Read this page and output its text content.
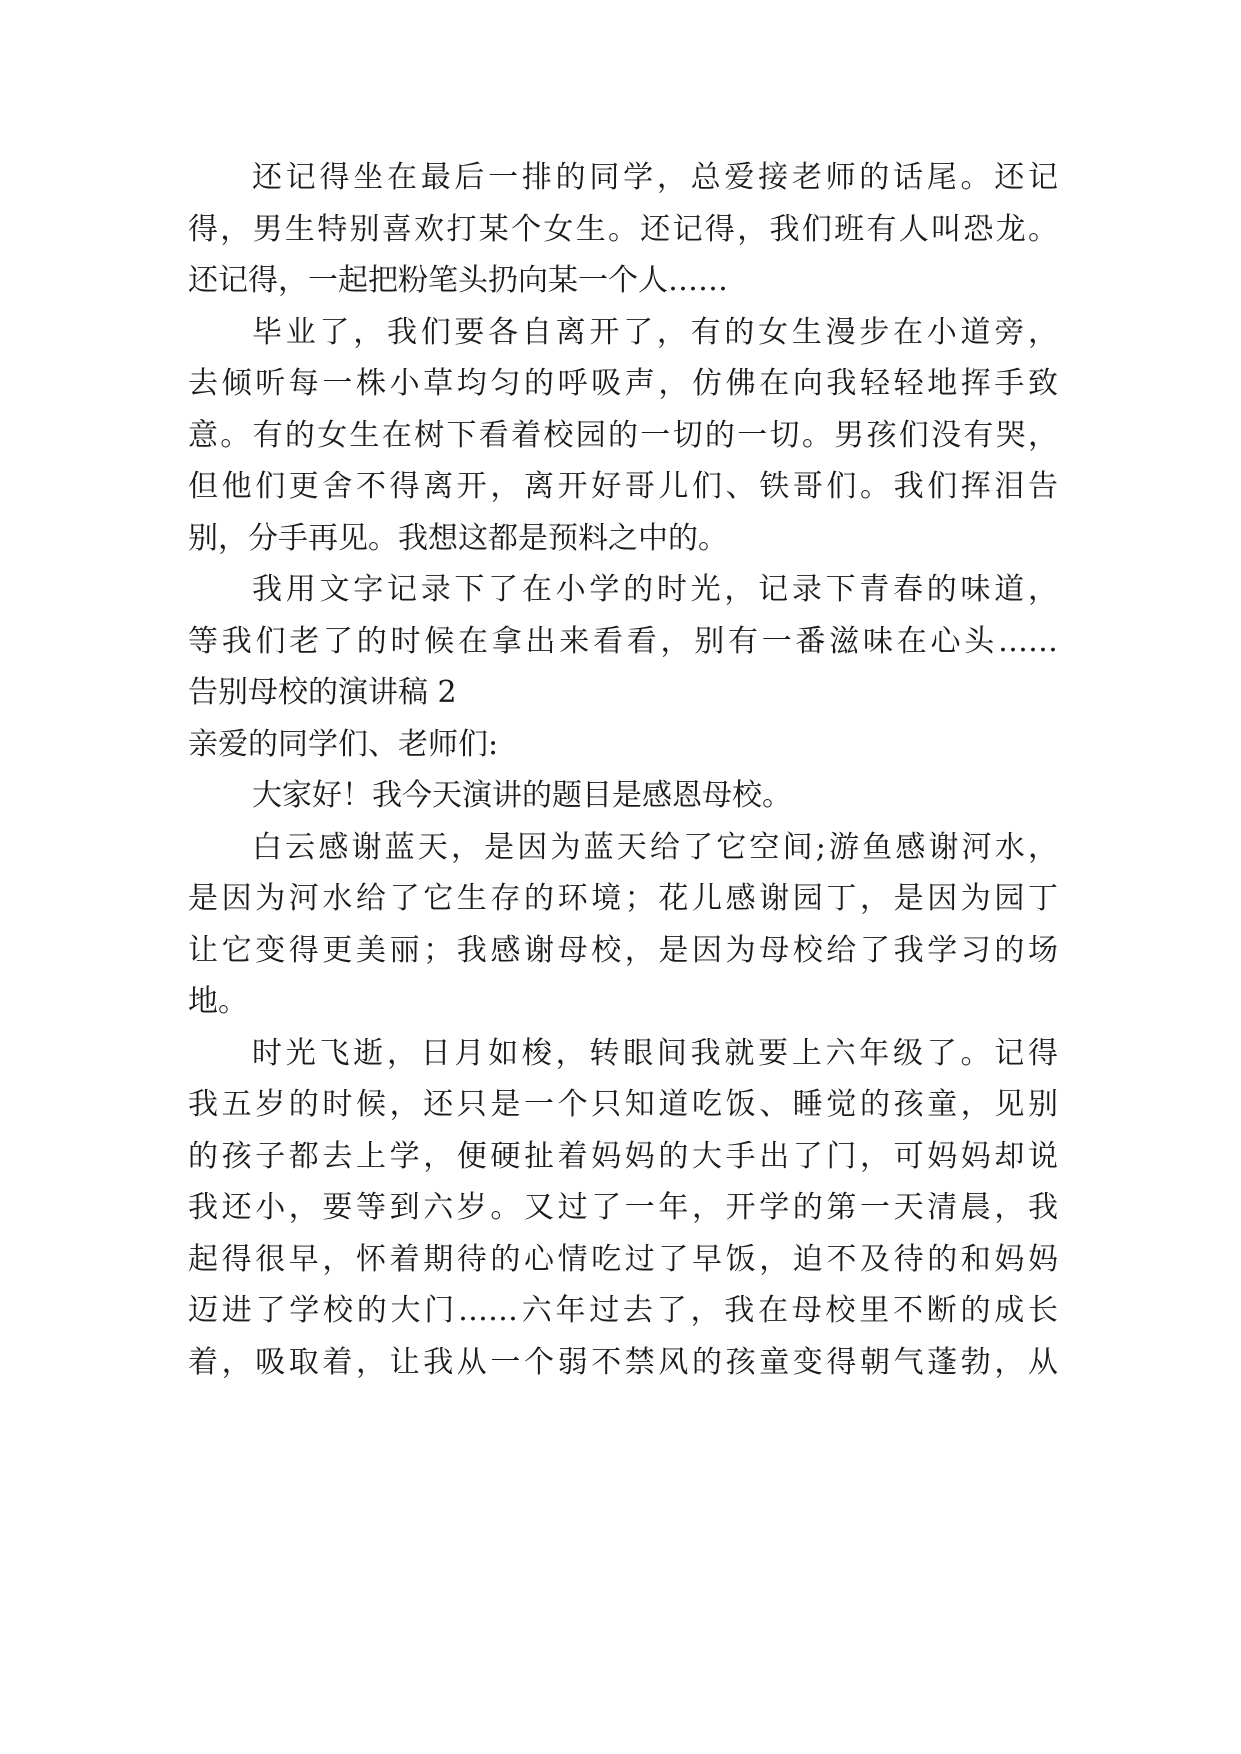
还记得坐在最后一排的同学，总爱接老师的话尾。还记
得，男生特别喜欢打某个女生。还记得，我们班有人叫恐龙。
还记得，一起把粉笔头扔向某一个人……
毕业了，我们要各自离开了，有的女生漫步在小道旁，
去倾听每一株小草均匀的呼吸声，仿佛在向我轻轻地挥手致
意。有的女生在树下看着校园的一切的一切。男孩们没有哭，
但他们更舍不得离开，离开好哥儿们、铁哥们。我们挥泪告
别，分手再见。我想这都是预料之中的。
我用文字记录下了在小学的时光，记录下青春的味道，
等我们老了的时候在拿出来看看，别有一番滋味在心头……
告别母校的演讲稿 2
亲爱的同学们、老师们:
大家好！我今天演讲的题目是感恩母校。
白云感谢蓝天，是因为蓝天给了它空间;游鱼感谢河水，
是因为河水给了它生存的环境；花儿感谢园丁，是因为园丁
让它变得更美丽；我感谢母校，是因为母校给了我学习的场
地。
时光飞逝，日月如梭，转眼间我就要上六年级了。记得
我五岁的时候，还只是一个只知道吃饭、睡觉的孩童，见别
的孩子都去上学，便硬扯着妈妈的大手出了门，可妈妈却说
我还小，要等到六岁。又过了一年，开学的第一天清晨，我
起得很早，怀着期待的心情吃过了早饭，迫不及待的和妈妈
迈进了学校的大门……六年过去了，我在母校里不断的成长
着，吸取着，让我从一个弱不禁风的孩童变得朝气蓬勃，从
